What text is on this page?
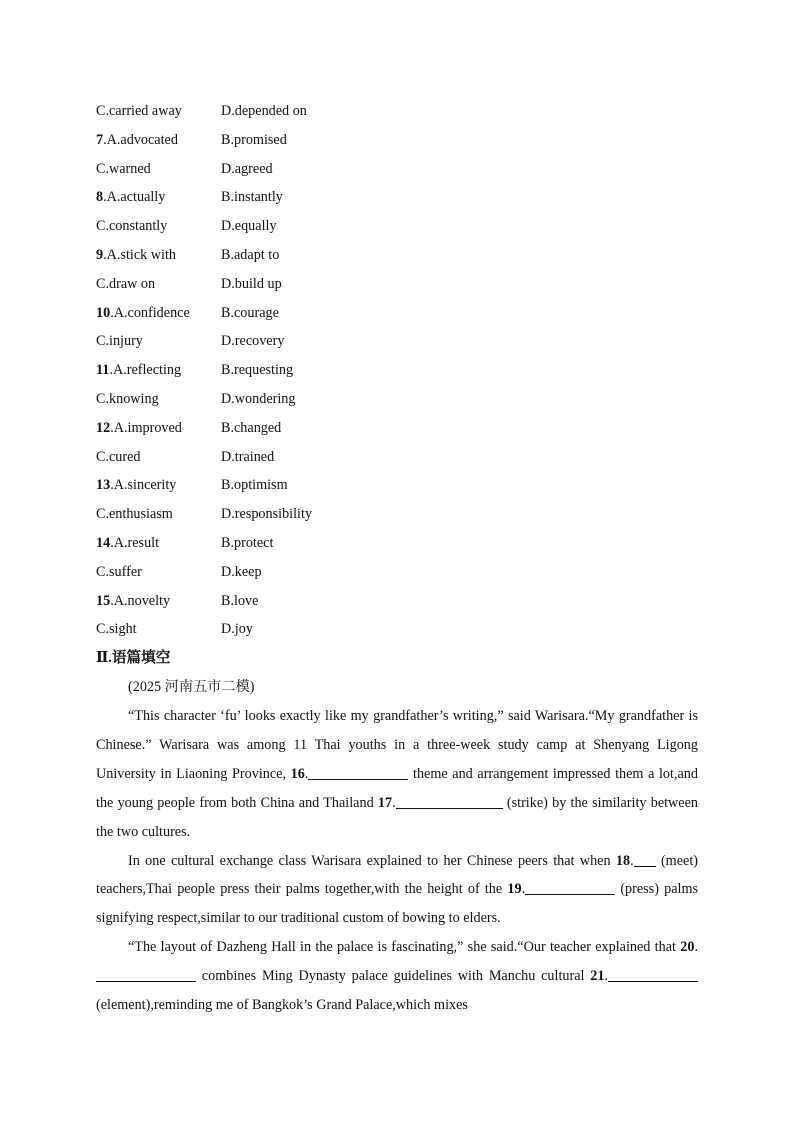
C.carried away	D.depended on
7.A.advocated	B.promised
C.warned	D.agreed
8.A.actually	B.instantly
C.constantly	D.equally
9.A.stick with	B.adapt to
C.draw on	D.build up
10.A.confidence B.courage
C.injury	D.recovery
11.A.reflecting	B.requesting
C.knowing	D.wondering
12.A.improved	B.changed
C.cured	D.trained
13.A.sincerity	B.optimism
C.enthusiasm	D.responsibility
14.A.result	B.protect
C.suffer	D.keep
15.A.novelty	B.love
C.sight	D.joy
Ⅱ.语篇填空
(2025 河南五市二模)

“This character ‘fu’ looks exactly like my grandfather’s writing,” said Warisara.“My grandfather is Chinese.” Warisara was among 11 Thai youths in a three-week study camp at Shenyang Ligong University in Liaoning Province, 16.	theme and arrangement impressed them a lot,and the young people from both China and Thailand 17.	(strike) by the similarity between the two cultures.

In one cultural exchange class Warisara explained to her Chinese peers that when 18. (meet) teachers,Thai people press their palms together,with the height of the 19.	(press) palms signifying respect,similar to our traditional custom of bowing to elders.

“The layout of Dazheng Hall in the palace is fascinating,” she said.“Our teacher explained that 20. combines Ming Dynasty palace guidelines with Manchu cultural 21.(element),reminding me of Bangkok’s Grand Palace,which mixes
